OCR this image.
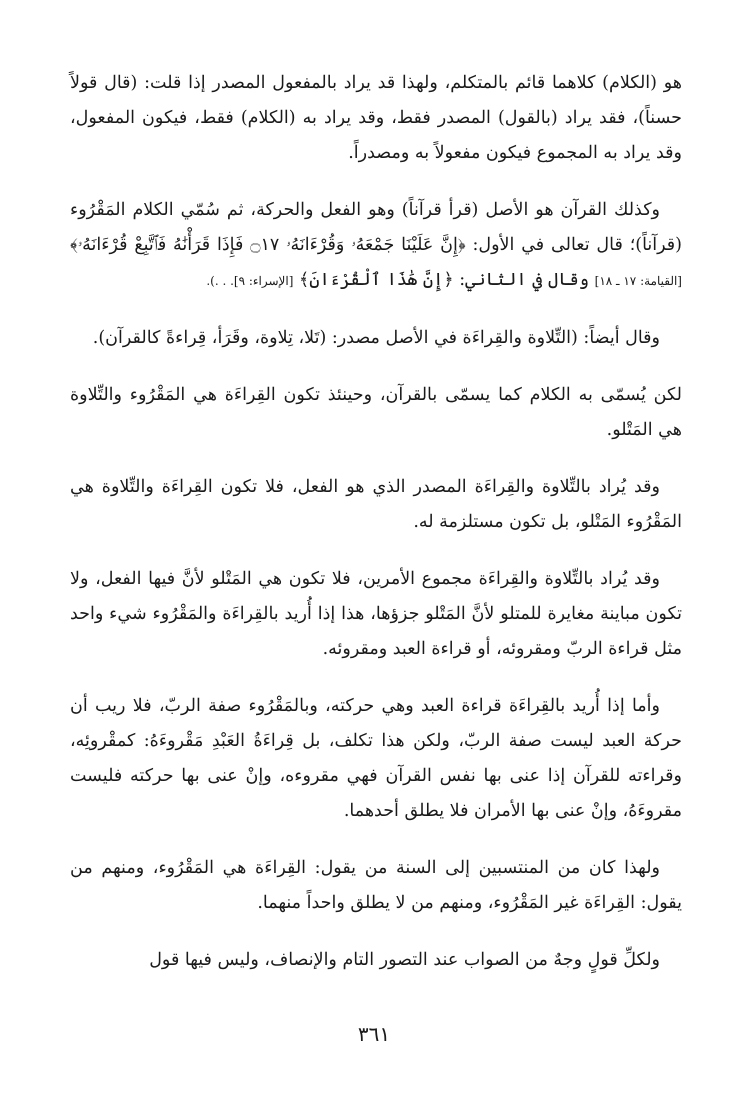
هو (الكلام) كلاهما قائم بالمتكلم، ولهذا قد يراد بالمفعول المصدر إذا قلت: (قال قولاً حسناً)، فقد يراد (بالقول) المصدر فقط، وقد يراد به (الكلام) فقط، فيكون المفعول، وقد يراد به المجموع فيكون مفعولاً به ومصدراً.

وكذلك القرآن هو الأصل (قرأ قرآناً) وهو الفعل والحركة، ثم سُمّي الكلام المَقْرُوء (قرآناً)؛ قال تعالى في الأول: ﴿إِنَّ عَلَيْنَا جَمْعَهُۥ وَقُرْءَانَهُۥ ۝١٧ فَإِذَا قَرَأْنَٰهُ فَٱتَّبِعْ قُرْءَانَهُۥ﴾ [القيامة: ١٧ ـ ١٨] وقال في الثاني: ﴿إِنَّ هَٰذَا ٱلْقُرْءَانَ﴾ [الإسراء: ٩]. . .).

وقال أيضاً: (التِّلاوة والقِراءَة في الأصل مصدر: (تَلا، تِلاوة، وقَرَأ، قِراءةً كالقرآن).

لكن يُسمّى به الكلام كما يسمّى بالقرآن، وحينئذ تكون القِراءَة هي المَقْرُوء والتِّلاوة هي المَتْلو.

وقد يُراد بالتِّلاوة والقِراءَة المصدر الذي هو الفعل، فلا تكون القِراءَة والتِّلاوة هي المَقْرُوء المَتْلو، بل تكون مستلزمة له.

وقد يُراد بالتِّلاوة والقِراءَة مجموع الأمرين، فلا تكون هي المَتْلو لأنَّ فيها الفعل، ولا تكون مباينة مغايرة للمتلو لأنَّ المَتْلو جزؤها، هذا إذا أُريد بالقِراءَة والمَقْرُوء شيء واحد مثل قراءة الربّ ومقروئه، أو قراءة العبد ومقروئه.

وأما إذا أُريد بالقِراءَة قراءة العبد وهي حركته، وبالمَقْرُوء صفة الربّ، فلا ريب أن حركة العبد ليست صفة الربّ، ولكن هذا تكلف، بل قِراءَةُ العَبْدِ مَقْروءَهُ: كمقْروئِه، وقراءته للقرآن إذا عنى بها نفس القرآن فهي مقروءه، وإنْ عنى بها حركته فليست مقروءَهُ، وإنْ عنى بها الأمران فلا يطلق أحدهما.

ولهذا كان من المنتسبين إلى السنة من يقول: القِراءَة هي المَقْرُوء، ومنهم من يقول: القِراءَة غير المَقْرُوء، ومنهم من لا يطلق واحداً منهما.

ولكلِّ قولٍ وجهٌ من الصواب عند التصور التام والإنصاف، وليس فيها قول

٣٦١
